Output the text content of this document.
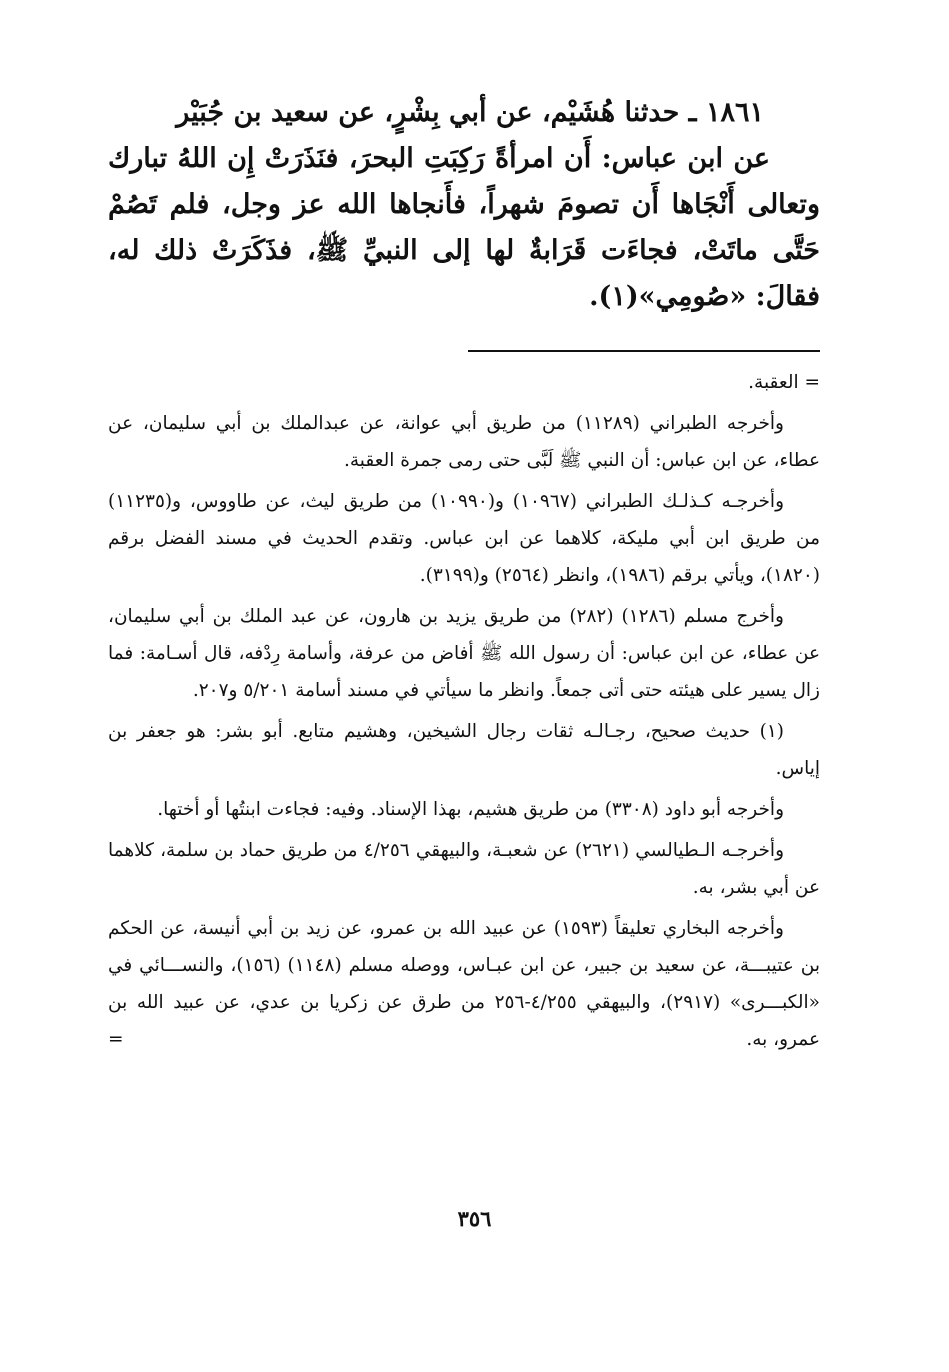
١٨٦١ ـ حدثنا هُشَيْم، عن أبي بِشْرٍ، عن سعيد بن جُبَيْر

عن ابن عباس: أَن امرأةً رَكِبَتِ البحرَ، فنَذَرَتْ إِن اللهُ تبارك وتعالى أَنْجَاها أَن تصومَ شهراً، فأَنجاها الله عز وجل، فلم تَصُمْ حَتَّى ماتَتْ، فجاءَت قَرَابةٌ لها إلى النبيِّ ﷺ، فذَكَرَتْ ذلك له، فقالَ: «صُومِي»(١).

= العقبة.

وأخرجه الطبراني (١١٢٨٩) من طريق أبي عوانة، عن عبدالملك بن أبي سليمان، عن عطاء، عن ابن عباس: أن النبي ﷺ لَبَّى حتى رمى جمرة العقبة.

وأخرجـه كـذلـك الطبراني (١٠٩٦٧) و(١٠٩٩٠) من طريق ليث، عن طاووس، و(١١٢٣٥) من طريق ابن أبي مليكة، كلاهما عن ابن عباس. وتقدم الحديث في مسند الفضل برقم (١٨٢٠)، ويأتي برقم (١٩٨٦)، وانظر (٢٥٦٤) و(٣١٩٩).

وأخرج مسلم (١٢٨٦) (٢٨٢) من طريق يزيد بن هارون، عن عبد الملك بن أبي سليمان، عن عطاء، عن ابن عباس: أن رسول الله ﷺ أفاض من عرفة، وأسامة رِدْفه، قال أسـامة: فما زال يسير على هيئته حتى أتى جمعاً. وانظر ما سيأتي في مسند أسامة ٥/٢٠١ و٢٠٧.

(١) حديث صحيح، رجـالـه ثقات رجال الشيخين، وهشيم متابع. أبو بشر: هو جعفر بن إياس.

وأخرجه أبو داود (٣٣٠٨) من طريق هشيم، بهذا الإسناد. وفيه: فجاءت ابنتُها أو أختها.

وأخرجـه الـطيالسي (٢٦٢١) عن شعبـة، والبيهقي ٤/٢٥٦ من طريق حماد بن سلمة، كلاهما عن أبي بشر، به.

وأخرجه البخاري تعليقاً (١٥٩٣) عن عبيد الله بن عمرو، عن زيد بن أبي أنيسة، عن الحكم بن عتيبـــة، عن سعيد بن جبير، عن ابن عبـاس، ووصله مسلم (١١٤٨) (١٥٦)، والنســـائي في «الكبـــرى» (٢٩١٧)، والبيهقي ٤/٢٥٥-٢٥٦ من طرق عن زكريا بن عدي، عن عبيد الله بن عمرو، به.

=
٣٥٦
